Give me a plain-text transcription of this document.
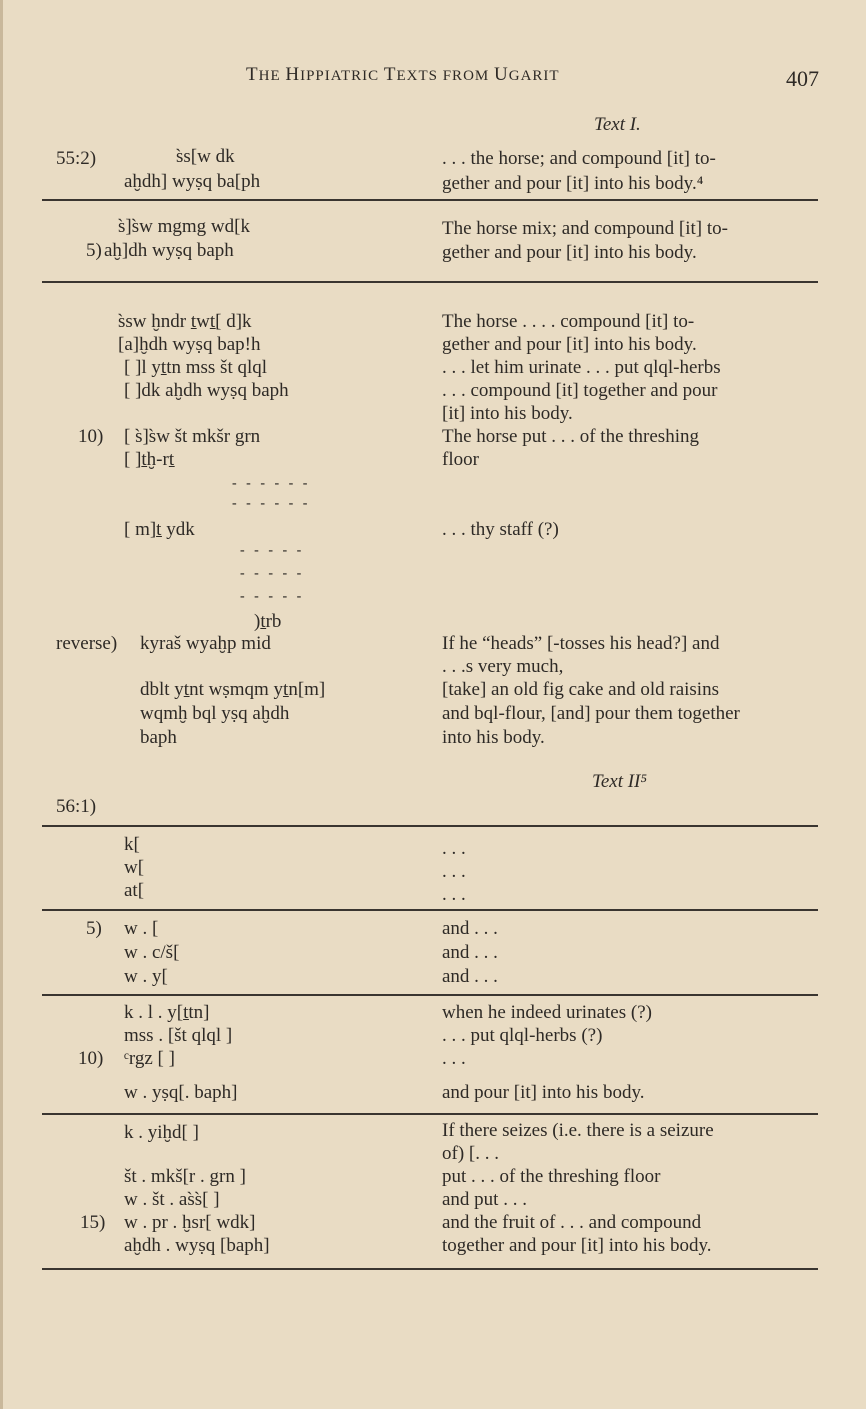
THE HIPPIATRIC TEXTS FROM UGARIT	407
Text I.
55:2)	s̀s[w dk
aḫdh] wyṣq ba[ph
. . . the horse; and compound [it] to-
gether and pour [it] into his body.⁴
s̀]s̀w mgmg wd[k
5) aḫ]dh wyṣq baph
The horse mix; and compound [it] to-
gether and pour [it] into his body.
s̀sw ḫndr ṯwṯ[ d]k
[a]ḫdh wyṣq bap!h
[ ]l yṯtn mss št qlql
[ ]dk aḫdh wyṣq baph
10) [ s̀]s̀w št mkšr grn
[ ]ṯḫ-rṯ
- - - - - -
- - - - - -
[ m]ṯ ydk
- - - - -
- - - - -
- - - - -
)ṯrb
reverse) kyraš wyaḫp mid
dblt yṯnt wṣmqm yṯn[m]
wqmḫ bql yṣq aḫdh
baph
The horse . . . . compound [it] to-
gether and pour [it] into his body.
. . . let him urinate . . . put qlql-herbs
. . . compound [it] together and pour
[it] into his body.
The horse put . . . of the threshing
floor
. . . thy staff (?)
If he “heads” [-tosses his head?] and
. . .s very much,
[take] an old fig cake and old raisins
and bql-flour, [and] pour them together
into his body.
Text II⁵
56:1)
k[
w[
at[
. . .
. . .
. . .
5) w . [
w . c/š[
w . y[
and . . .
and . . .
and . . .
k . l . y[ṯtn]
mss . [št qlql ]
10) ᶜrgz [ ]
w . yṣq[. baph]
when he indeed urinates (?)
. . . put qlql-herbs (?)
. . .
and pour [it] into his body.
k . yiḫd[ ]
št . mkš[r . grn ]
w . št . as̀s̀[ ]
15) w . pr . ḫsr[ wdk]
aḫdh . wyṣq [baph]
If there seizes (i.e. there is a seizure
of) [. . .
put . . . of the threshing floor
and put . . .
and the fruit of . . . and compound
together and pour [it] into his body.
